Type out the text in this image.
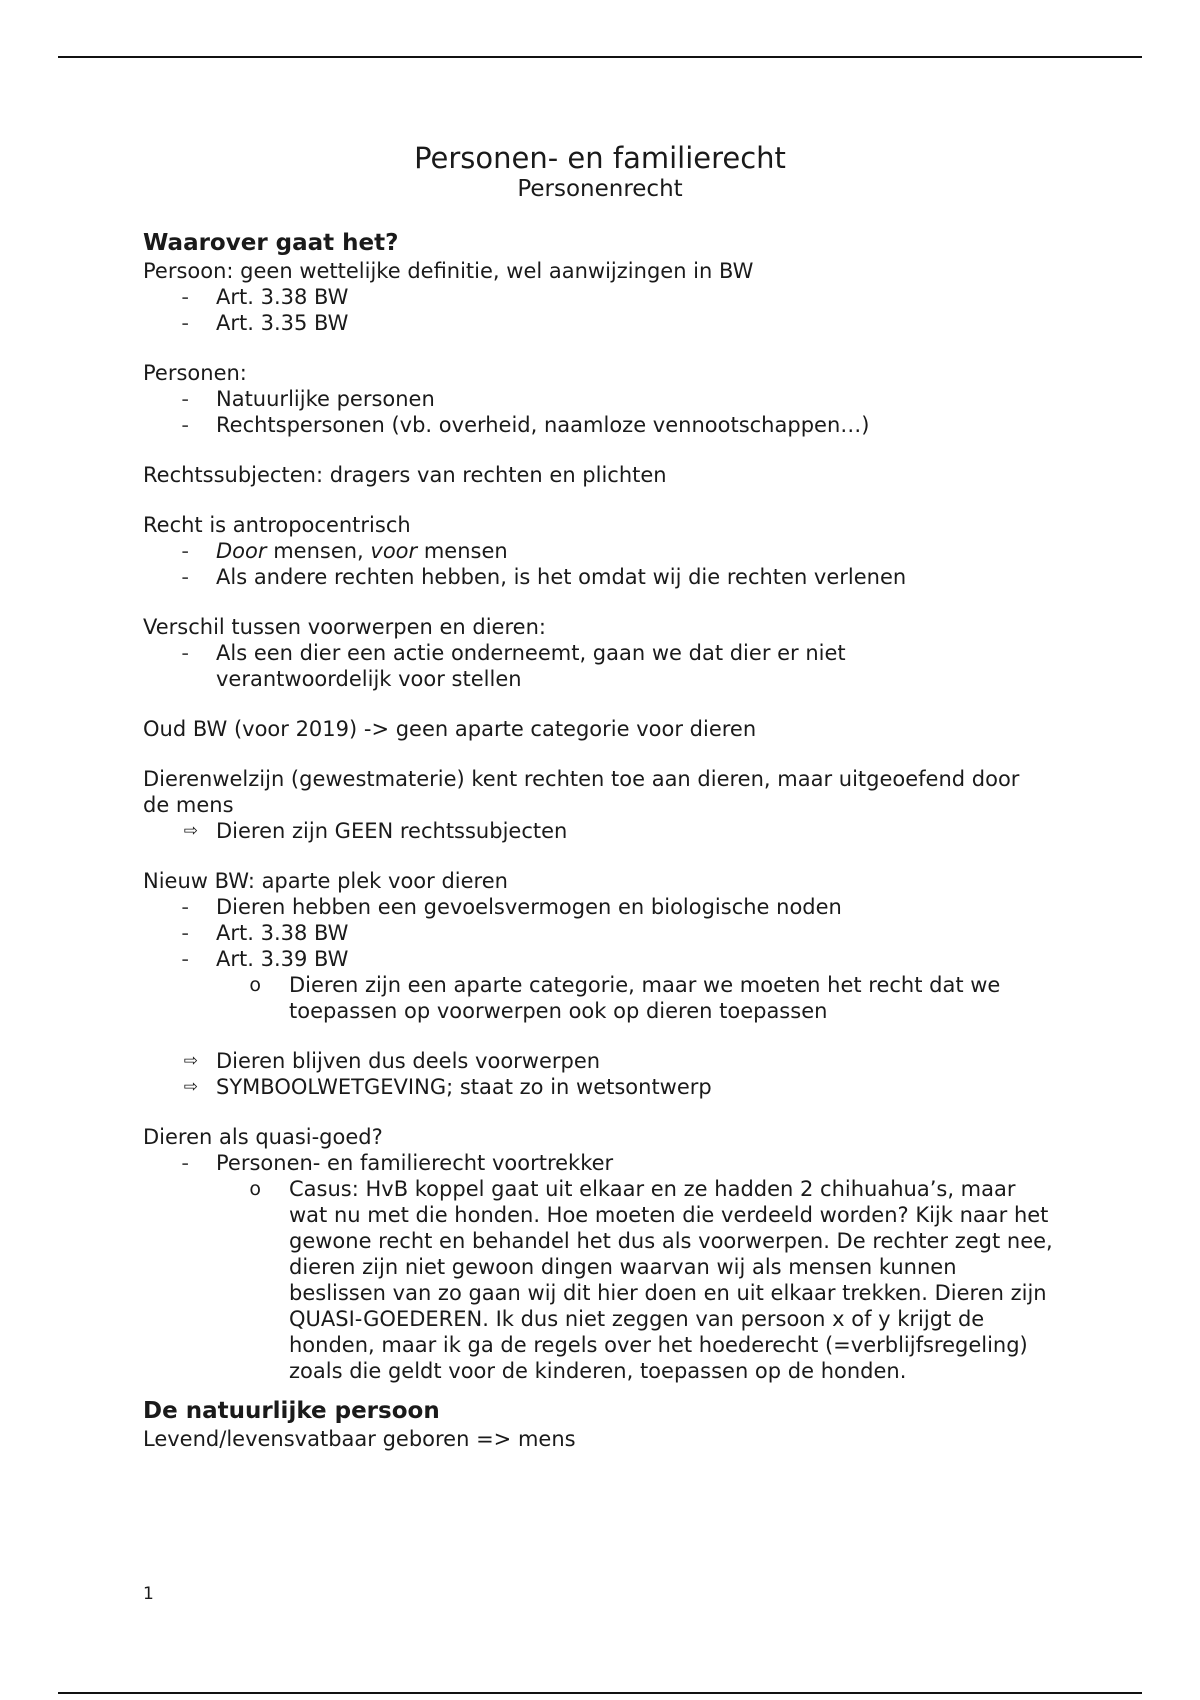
Personen- en familierecht
Personenrecht
Waarover gaat het?

Persoon: geen wettelijke definitie, wel aanwijzingen in BW

-	Art. 3.38 BW
-	Art. 3.35 BW

Personen:

-	Natuurlijke personen
-	Rechtspersonen (vb. overheid, naamloze vennootschappen…)

Rechtssubjecten: dragers van rechten en plichten

Recht is antropocentrisch

-	Door mensen, voor mensen
-	Als andere rechten hebben, is het omdat wij die rechten verlenen

Verschil tussen voorwerpen en dieren:

-	Als een dier een actie onderneemt, gaan we dat dier er niet verantwoordelijk voor stellen

Oud BW (voor 2019) -> geen aparte categorie voor dieren

Dierenwelzijn (gewestmaterie) kent rechten toe aan dieren, maar uitgeoefend door de mens

⇨ Dieren zijn GEEN rechtssubjecten

Nieuw BW: aparte plek voor dieren

-	Dieren hebben een gevoelsvermogen en biologische noden
-	Art. 3.38 BW
-	Art. 3.39 BW
o	Dieren zijn een aparte categorie, maar we moeten het recht dat we toepassen op voorwerpen ook op dieren toepassen
⇨ Dieren blijven dus deels voorwerpen
⇨ SYMBOOLWETGEVING; staat zo in wetsontwerp

Dieren als quasi-goed?

-	Personen- en familierecht voortrekker
o	Casus: HvB koppel gaat uit elkaar en ze hadden 2 chihuahua’s, maar wat nu met die honden. Hoe moeten die verdeeld worden? Kijk naar het gewone recht en behandel het dus als voorwerpen. De rechter zegt nee, dieren zijn niet gewoon dingen waarvan wij als mensen kunnen beslissen van zo gaan wij dit hier doen en uit elkaar trekken. Dieren zijn QUASI-GOEDEREN. Ik dus niet zeggen van persoon x of y krijgt de honden, maar ik ga de regels over het hoederecht (=verblijfsregeling) zoals die geldt voor de kinderen, toepassen op de honden.
De natuurlijke persoon

Levend/levensvatbaar geboren => mens

1
